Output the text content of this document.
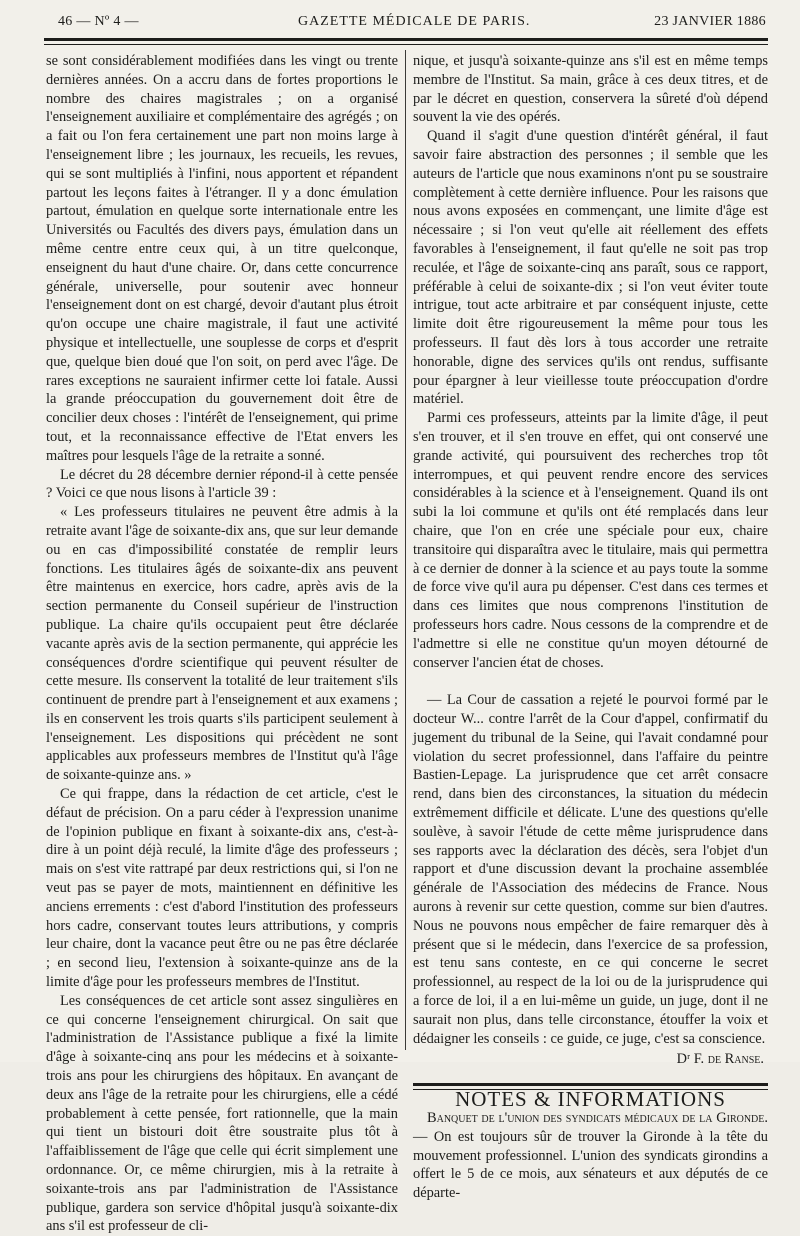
46 — Nº 4 —	GAZETTE MÉDICALE DE PARIS.	23 JANVIER 1886

se sont considérablement modifiées dans les vingt ou trente dernières années. On a accru dans de fortes proportions le nombre des chaires magistrales ; on a organisé l'enseignement auxiliaire et complémentaire des agrégés ; on a fait ou l'on fera certainement une part non moins large à l'enseignement libre ; les journaux, les recueils, les revues, qui se sont multipliés à l'infini, nous apportent et répandent partout les leçons faites à l'étranger. Il y a donc émulation partout, émulation en quelque sorte internationale entre les Universités ou Facultés des divers pays, émulation dans un même centre entre ceux qui, à un titre quelconque, enseignent du haut d'une chaire. Or, dans cette concurrence générale, universelle, pour soutenir avec honneur l'enseignement dont on est chargé, devoir d'autant plus étroit qu'on occupe une chaire magistrale, il faut une activité physique et intellectuelle, une souplesse de corps et d'esprit que, quelque bien doué que l'on soit, on perd avec l'âge. De rares exceptions ne sauraient infirmer cette loi fatale. Aussi la grande préoccupation du gouvernement doit être de concilier deux choses : l'intérêt de l'enseignement, qui prime tout, et la reconnaissance effective de l'Etat envers les maîtres pour lesquels l'âge de la retraite a sonné.

Le décret du 28 décembre dernier répond-il à cette pensée ? Voici ce que nous lisons à l'article 39 :

« Les professeurs titulaires ne peuvent être admis à la retraite avant l'âge de soixante-dix ans, que sur leur demande ou en cas d'impossibilité constatée de remplir leurs fonctions. Les titulaires âgés de soixante-dix ans peuvent être maintenus en exercice, hors cadre, après avis de la section permanente du Conseil supérieur de l'instruction publique. La chaire qu'ils occupaient peut être déclarée vacante après avis de la section permanente, qui apprécie les conséquences d'ordre scientifique qui peuvent résulter de cette mesure. Ils conservent la totalité de leur traitement s'ils continuent de prendre part à l'enseignement et aux examens ; ils en conservent les trois quarts s'ils participent seulement à l'enseignement. Les dispositions qui précèdent ne sont applicables aux professeurs membres de l'Institut qu'à l'âge de soixante-quinze ans. »

Ce qui frappe, dans la rédaction de cet article, c'est le défaut de précision. On a paru céder à l'expression unanime de l'opinion publique en fixant à soixante-dix ans, c'est-à-dire à un point déjà reculé, la limite d'âge des professeurs ; mais on s'est vite rattrapé par deux restrictions qui, si l'on ne veut pas se payer de mots, maintiennent en définitive les anciens errements : c'est d'abord l'institution des professeurs hors cadre, conservant toutes leurs attributions, y compris leur chaire, dont la vacance peut être ou ne pas être déclarée ; en second lieu, l'extension à soixante-quinze ans de la limite d'âge pour les professeurs membres de l'Institut.

Les conséquences de cet article sont assez singulières en ce qui concerne l'enseignement chirurgical. On sait que l'administration de l'Assistance publique a fixé la limite d'âge à soixante-cinq ans pour les médecins et à soixante-trois ans pour les chirurgiens des hôpitaux. En avançant de deux ans l'âge de la retraite pour les chirurgiens, elle a cédé probablement à cette pensée, fort rationnelle, que la main qui tient un bistouri doit être soustraite plus tôt à l'affaiblissement de l'âge que celle qui écrit simplement une ordonnance. Or, ce même chirurgien, mis à la retraite à soixante-trois ans par l'administration de l'Assistance publique, gardera son service d'hôpital jusqu'à soixante-dix ans s'il est professeur de cli-

nique, et jusqu'à soixante-quinze ans s'il est en même temps membre de l'Institut. Sa main, grâce à ces deux titres, et de par le décret en question, conservera la sûreté d'où dépend souvent la vie des opérés.

Quand il s'agit d'une question d'intérêt général, il faut savoir faire abstraction des personnes ; il semble que les auteurs de l'article que nous examinons n'ont pu se soustraire complètement à cette dernière influence. Pour les raisons que nous avons exposées en commençant, une limite d'âge est nécessaire ; si l'on veut qu'elle ait réellement des effets favorables à l'enseignement, il faut qu'elle ne soit pas trop reculée, et l'âge de soixante-cinq ans paraît, sous ce rapport, préférable à celui de soixante-dix ; si l'on veut éviter toute intrigue, tout acte arbitraire et par conséquent injuste, cette limite doit être rigoureusement la même pour tous les professeurs. Il faut dès lors à tous accorder une retraite honorable, digne des services qu'ils ont rendus, suffisante pour épargner à leur vieillesse toute préoccupation d'ordre matériel.

Parmi ces professeurs, atteints par la limite d'âge, il peut s'en trouver, et il s'en trouve en effet, qui ont conservé une grande activité, qui poursuivent des recherches trop tôt interrompues, et qui peuvent rendre encore des services considérables à la science et à l'enseignement. Quand ils ont subi la loi commune et qu'ils ont été remplacés dans leur chaire, que l'on en crée une spéciale pour eux, chaire transitoire qui disparaîtra avec le titulaire, mais qui permettra à ce dernier de donner à la science et au pays toute la somme de force vive qu'il aura pu dépenser. C'est dans ces termes et dans ces limites que nous comprenons l'institution de professeurs hors cadre. Nous cessons de la comprendre et de l'admettre si elle ne constitue qu'un moyen détourné de conserver l'ancien état de choses.

— La Cour de cassation a rejeté le pourvoi formé par le docteur W... contre l'arrêt de la Cour d'appel, confirmatif du jugement du tribunal de la Seine, qui l'avait condamné pour violation du secret professionnel, dans l'affaire du peintre Bastien-Lepage. La jurisprudence que cet arrêt consacre rend, dans bien des circonstances, la situation du médecin extrêmement difficile et délicate. L'une des questions qu'elle soulève, à savoir l'étude de cette même jurisprudence dans ses rapports avec la déclaration des décès, sera l'objet d'un rapport et d'une discussion devant la prochaine assemblée générale de l'Association des médecins de France. Nous aurons à revenir sur cette question, comme sur bien d'autres. Nous ne pouvons nous empêcher de faire remarquer dès à présent que si le médecin, dans l'exercice de sa profession, est tenu sans conteste, en ce qui concerne le secret professionnel, au respect de la loi ou de la jurisprudence qui a force de loi, il a en lui-même un guide, un juge, dont il ne saurait non plus, dans telle circonstance, étouffer la voix et dédaigner les conseils : ce guide, ce juge, c'est sa conscience.

Dʳ F. de Ranse.

NOTES & INFORMATIONS

Banquet de l'union des syndicats médicaux de la Gironde. — On est toujours sûr de trouver la Gironde à la tête du mouvement professionnel. L'union des syndicats girondins a offert le 5 de ce mois, aux sénateurs et aux députés de ce départe-
